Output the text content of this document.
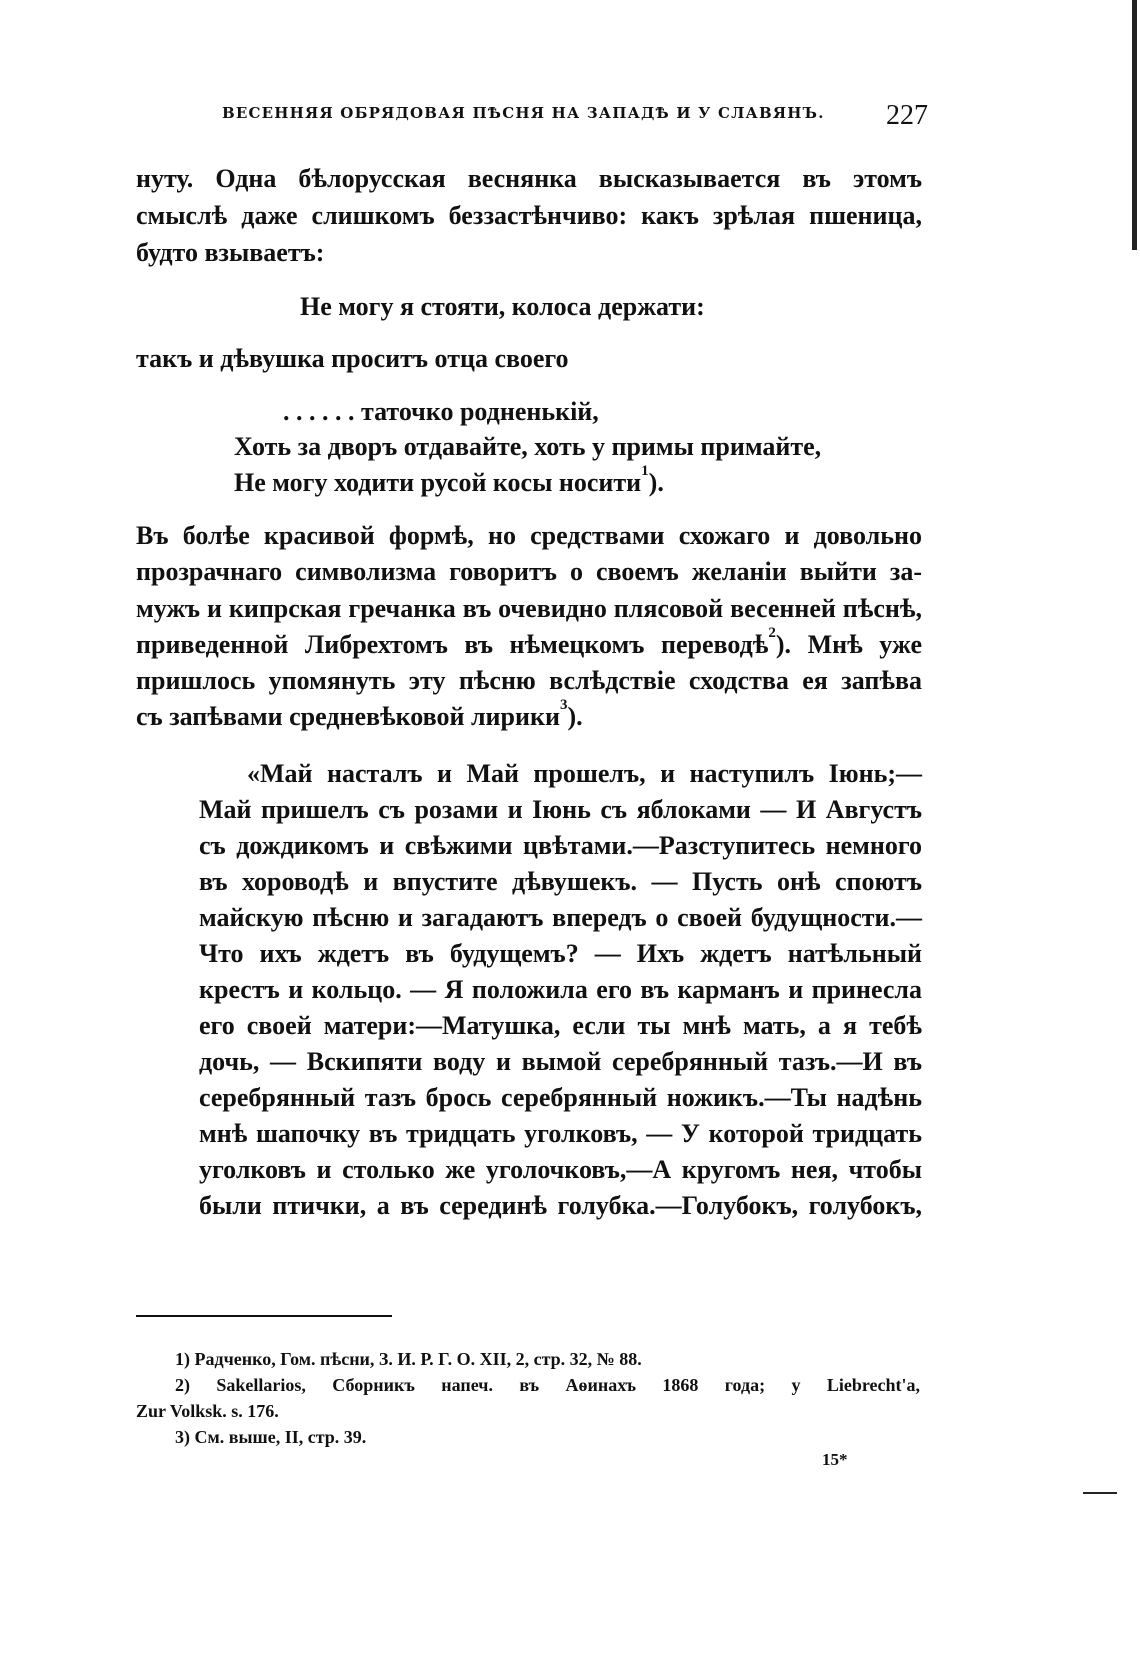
ВЕСЕННЯЯ ОБРЯДОВАЯ ПѢСНЯ НА ЗАПАДѢ И У СЛАВЯНЪ.	227
нуту. Одна бѣлорусская веснянка высказывается въ этомъ
смыслѣ даже слишкомъ беззастѣнчиво: какъ зрѣлая пшеница,
будто взываетъ:
Не могу я стояти, колоса держати:
такъ и дѣвушка проситъ отца своего
. . . . . . таточко родненькій,
Хоть за дворъ отдавайте, хоть у примы примайте,
Не могу ходити русой косы носити$^1$).
Въ болѣе красивой формѣ, но средствами схожаго и довольно
прозрачнаго символизма говоритъ о своемъ желаніи выйти за-
мужъ и кипрская гречанка въ очевидно плясовой весенней пѣснѣ,
приведенной Либрехтомъ въ нѣмецкомъ переводѣ$^2$). Мнѣ уже
пришлось упомянуть эту пѣсню вслѣдствіе сходства ея запѣва
съ запѣвами средневѣковой лирики$^3$).
«Май насталъ и Май прошелъ, и наступилъ Іюнь;—
Май пришелъ съ розами и Іюнь съ яблоками — И Августъ
съ дождикомъ и свѣжими цвѣтами.—Разступитесь немного
въ хороводѣ и впустите дѣвушекъ. — Пусть онѣ споютъ
майскую пѣсню и загадаютъ впередъ о своей будущности.—
Что ихъ ждетъ въ будущемъ? — Ихъ ждетъ натѣльный
крестъ и кольцо. — Я положила его въ карманъ и принесла
его своей матери:—Матушка, если ты мнѣ мать, а я тебѣ
дочь, — Вскипяти воду и вымой серебрянный тазъ.—И въ
серебрянный тазъ брось серебрянный ножикъ.—Ты надѣнь
мнѣ шапочку въ тридцать уголковъ, — У которой тридцать
уголковъ и столько же уголочковъ,—А кругомъ нея, чтобы
были птички, а въ серединѣ голубка.—Голубокъ, голубокъ,
1) Радченко, Гом. пѣсни, З. И. Р. Г. О. XII, 2, стр. 32, № 88.
2) Sakellarios, Сборникъ напеч. въ Аѳинахъ 1868 года; у Liebrecht'a,
Zur Volksk. s. 176.
3) См. выше, II, стр. 39.
15*
